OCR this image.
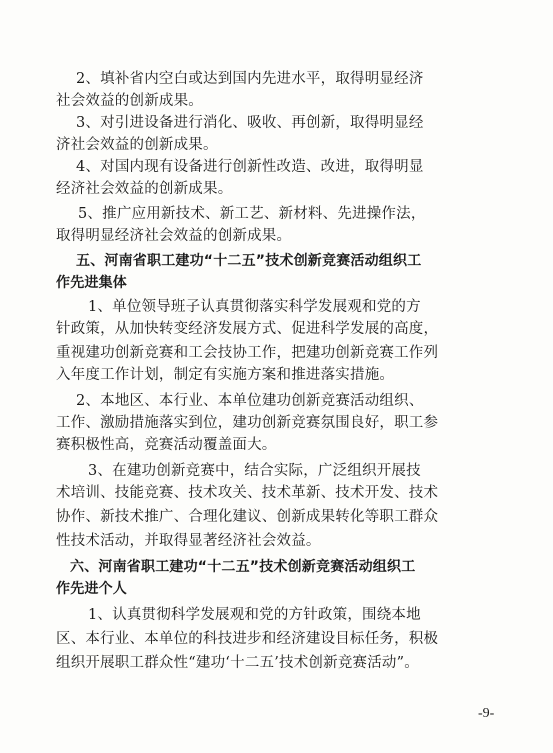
2、填补省内空白或达到国内先进水平，取得明显经济
社会效益的创新成果。
3、对引进设备进行消化、吸收、再创新，取得明显经
济社会效益的创新成果。
4、对国内现有设备进行创新性改造、改进，取得明显
经济社会效益的创新成果。
5、推广应用新技术、新工艺、新材料、先进操作法，
取得明显经济社会效益的创新成果。
五、河南省职工建功“十二五”技术创新竞赛活动组织工
作先进集体
1、单位领导班子认真贯彻落实科学发展观和党的方
针政策，从加快转变经济发展方式、促进科学发展的高度，
重视建功创新竞赛和工会技协工作，把建功创新竞赛工作列
入年度工作计划，制定有实施方案和推进落实措施。
2、本地区、本行业、本单位建功创新竞赛活动组织、
工作、激励措施落实到位，建功创新竞赛氛围良好，职工参
赛积极性高，竞赛活动覆盖面大。
3、在建功创新竞赛中，结合实际，广泛组织开展技
术培训、技能竞赛、技术攻关、技术革新、技术开发、技术
协作、新技术推广、合理化建议、创新成果转化等职工群众
性技术活动，并取得显著经济社会效益。
六、河南省职工建功“十二五”技术创新竞赛活动组织工
作先进个人
1、认真贯彻科学发展观和党的方针政策，围绕本地
区、本行业、本单位的科技进步和经济建设目标任务，积极
组织开展职工群众性“建功‘十二五’技术创新竞赛活动”。
-9-
